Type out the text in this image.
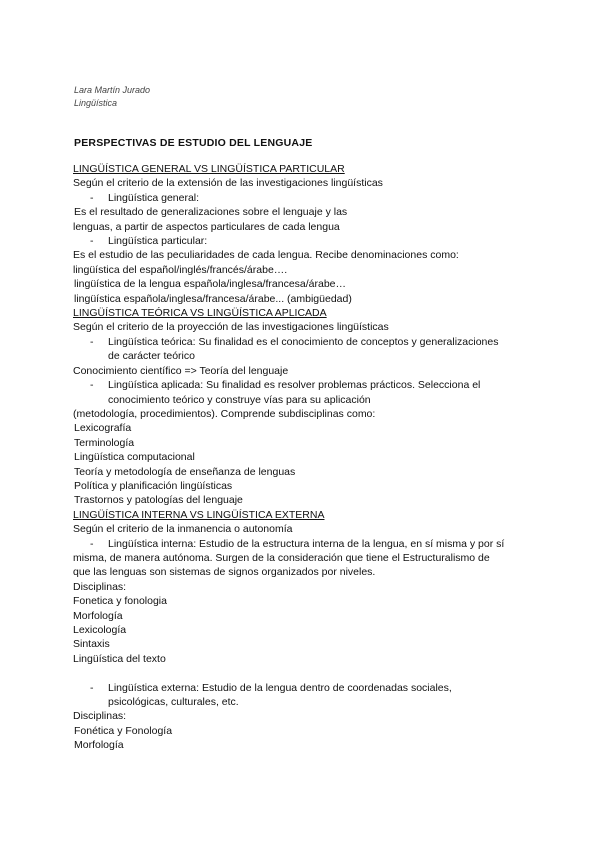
Lara Martín Jurado
Lingüística
PERSPECTIVAS DE ESTUDIO DEL LENGUAJE
LINGÜÍSTICA GENERAL VS LINGÜÍSTICA PARTICULAR
Según el criterio de la extensión de las investigaciones lingüísticas
- Lingüística general:
Es el resultado de generalizaciones sobre el lenguaje y las
lenguas, a partir de aspectos particulares de cada lengua
- Lingüística particular:
Es el estudio de las peculiaridades de cada lengua. Recibe denominaciones como:
lingüística del español/inglés/francés/árabe….
lingüística de la lengua española/inglesa/francesa/árabe…
lingüística española/inglesa/francesa/árabe... (ambigüedad)
LINGÜÍSTICA TEÓRICA VS LINGÜÍSTICA APLICADA
Según el criterio de la proyección de las investigaciones lingüísticas
- Lingüística teórica: Su finalidad es el conocimiento de conceptos y generalizaciones
de carácter teórico
Conocimiento científico => Teoría del lenguaje
- Lingüística aplicada: Su finalidad es resolver problemas prácticos. Selecciona el
conocimiento teórico y construye vías para su aplicación
(metodología, procedimientos). Comprende subdisciplinas como:
Lexicografía
Terminología
Lingüística computacional
Teoría y metodología de enseñanza de lenguas
Política y planificación lingüísticas
Trastornos y patologías del lenguaje
LINGÜÍSTICA INTERNA VS LINGÜÍSTICA EXTERNA
Según el criterio de la inmanencia o autonomía
- Lingüística interna: Estudio de la estructura interna de la lengua, en sí misma y por sí
misma, de manera autónoma. Surgen de la consideración que tiene el Estructuralismo de
que las lenguas son sistemas de signos organizados por niveles.
Disciplinas:
Fonetica y fonologia
Morfología
Lexicología
Sintaxis
Lingüística del texto
- Lingüística externa: Estudio de la lengua dentro de coordenadas sociales,
psicológicas, culturales, etc.
Disciplinas:
Fonética y Fonología
Morfología
